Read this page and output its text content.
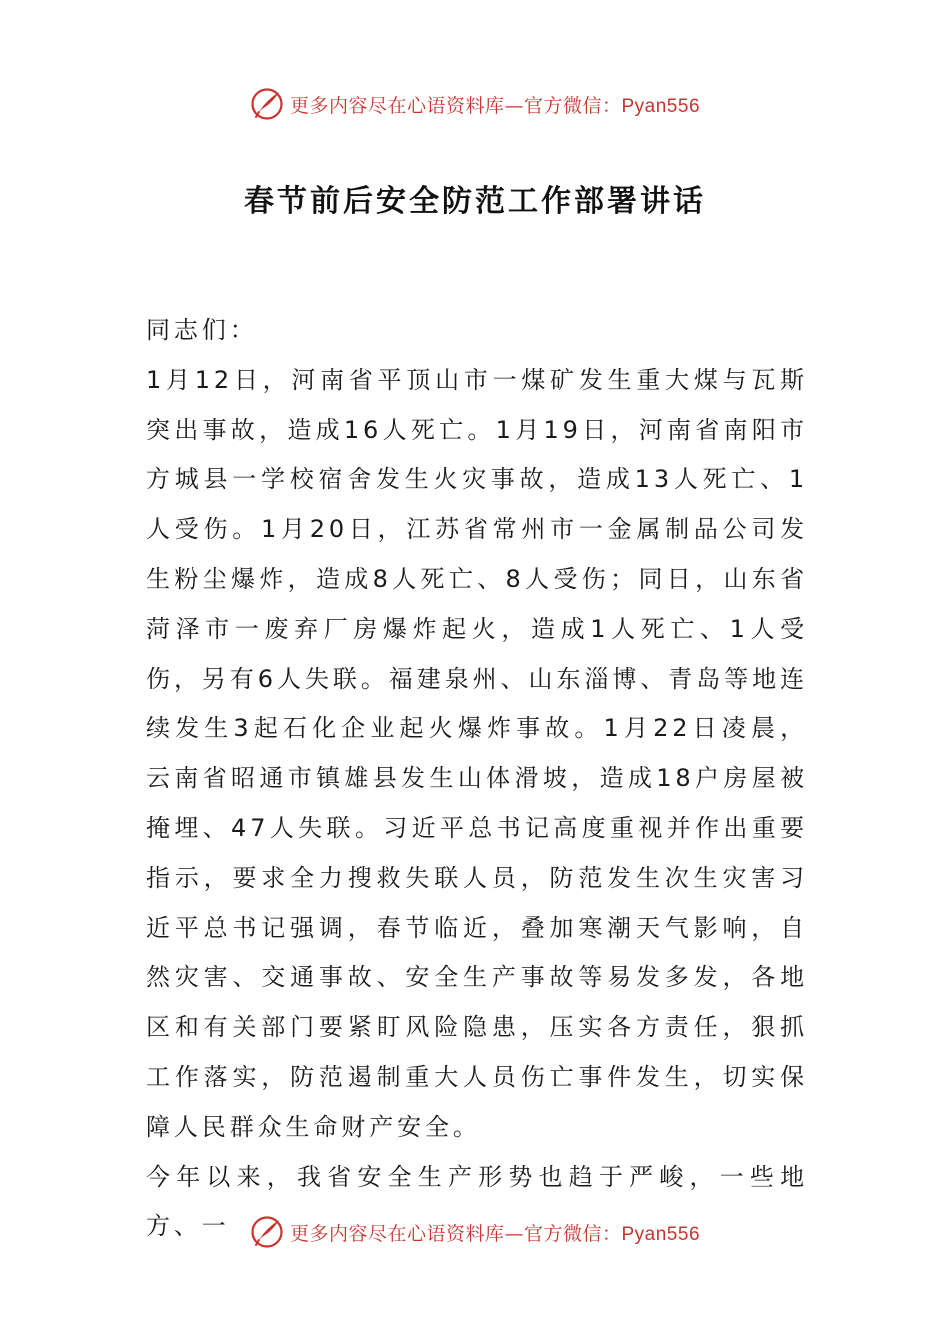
更多内容尽在心语资料库—官方微信：Pyan556
春节前后安全防范工作部署讲话

同志们：

1月12日，河南省平顶山市一煤矿发生重大煤与瓦斯突出事故，造成16人死亡。1月19日，河南省南阳市方城县一学校宿舍发生火灾事故，造成13人死亡、1人受伤。1月20日，江苏省常州市一金属制品公司发生粉尘爆炸，造成8人死亡、8人受伤；同日，山东省菏泽市一废弃厂房爆炸起火，造成1人死亡、1人受伤，另有6人失联。福建泉州、山东淄博、青岛等地连续发生3起石化企业起火爆炸事故。1月22日凌晨，云南省昭通市镇雄县发生山体滑坡，造成18户房屋被掩埋、47人失联。习近平总书记高度重视并作出重要指示，要求全力搜救失联人员，防范发生次生灾害习近平总书记强调，春节临近，叠加寒潮天气影响，自然灾害、交通事故、安全生产事故等易发多发，各地区和有关部门要紧盯风险隐患，压实各方责任，狠抓工作落实，防范遏制重大人员伤亡事件发生，切实保障人民群众生命财产安全。

今年以来，我省安全生产形势也趋于严峻，一些地方、一	更多内容尽在心语资料库—官方微信：Pyan556
